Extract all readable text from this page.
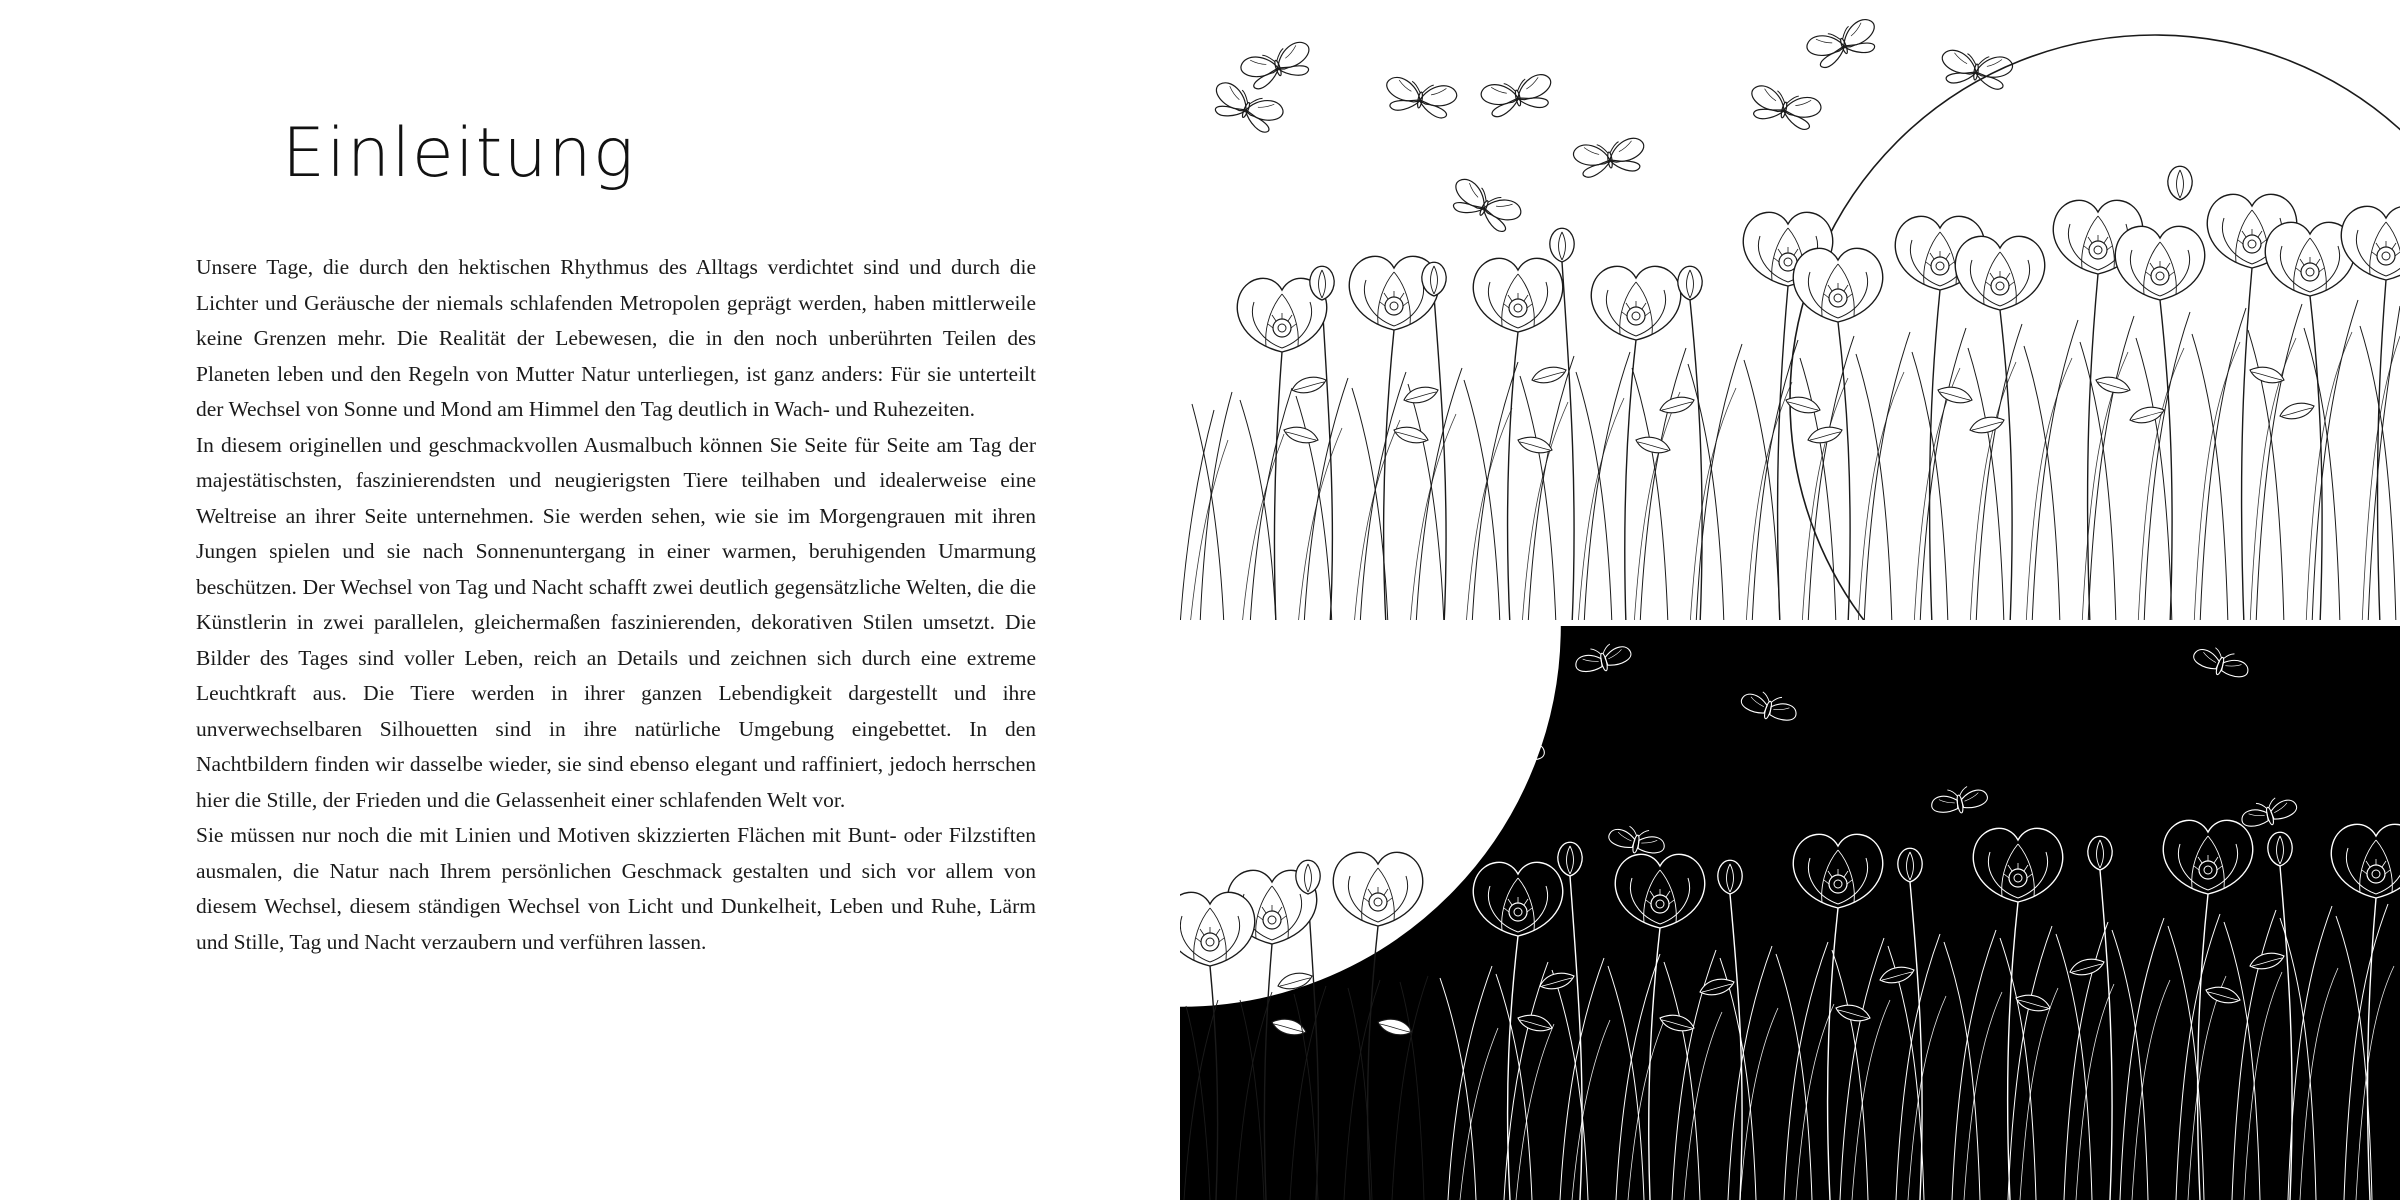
Einleitung

Unsere Tage, die durch den hektischen Rhythmus des Alltags verdichtet sind und durch die Lichter und Geräusche der niemals schlafenden Metropolen geprägt werden, haben mittlerweile keine Grenzen mehr. Die Realität der Lebewesen, die in den noch unberührten Teilen des Planeten leben und den Regeln von Mutter Natur unterliegen, ist ganz anders: Für sie unterteilt der Wechsel von Sonne und Mond am Himmel den Tag deutlich in Wach- und Ruhezeiten.

In diesem originellen und geschmackvollen Ausmalbuch können Sie Seite für Seite am Tag der majestätischsten, faszinierendsten und neugierigsten Tiere teilhaben und idealerweise eine Weltreise an ihrer Seite unternehmen. Sie werden sehen, wie sie im Morgengrauen mit ihren Jungen spielen und sie nach Sonnenuntergang in einer warmen, beruhigenden Umarmung beschützen. Der Wechsel von Tag und Nacht schafft zwei deutlich gegensätzliche Welten, die die Künstlerin in zwei parallelen, gleichermaßen faszinierenden, dekorativen Stilen umsetzt. Die Bilder des Tages sind voller Leben, reich an Details und zeichnen sich durch eine extreme Leuchtkraft aus. Die Tiere werden in ihrer ganzen Lebendigkeit dargestellt und ihre unverwechselbaren Silhouetten sind in ihre natürliche Umgebung eingebettet. In den Nachtbildern finden wir dasselbe wieder, sie sind ebenso elegant und raffiniert, jedoch herrschen hier die Stille, der Frieden und die Gelassenheit einer schlafenden Welt vor.

Sie müssen nur noch die mit Linien und Motiven skizzierten Flächen mit Bunt- oder Filzstiften ausmalen, die Natur nach Ihrem persönlichen Geschmack gestalten und sich vor allem von diesem Wechsel, diesem ständigen Wechsel von Licht und Dunkelheit, Leben und Ruhe, Lärm und Stille, Tag und Nacht verzaubern und verführen lassen.
